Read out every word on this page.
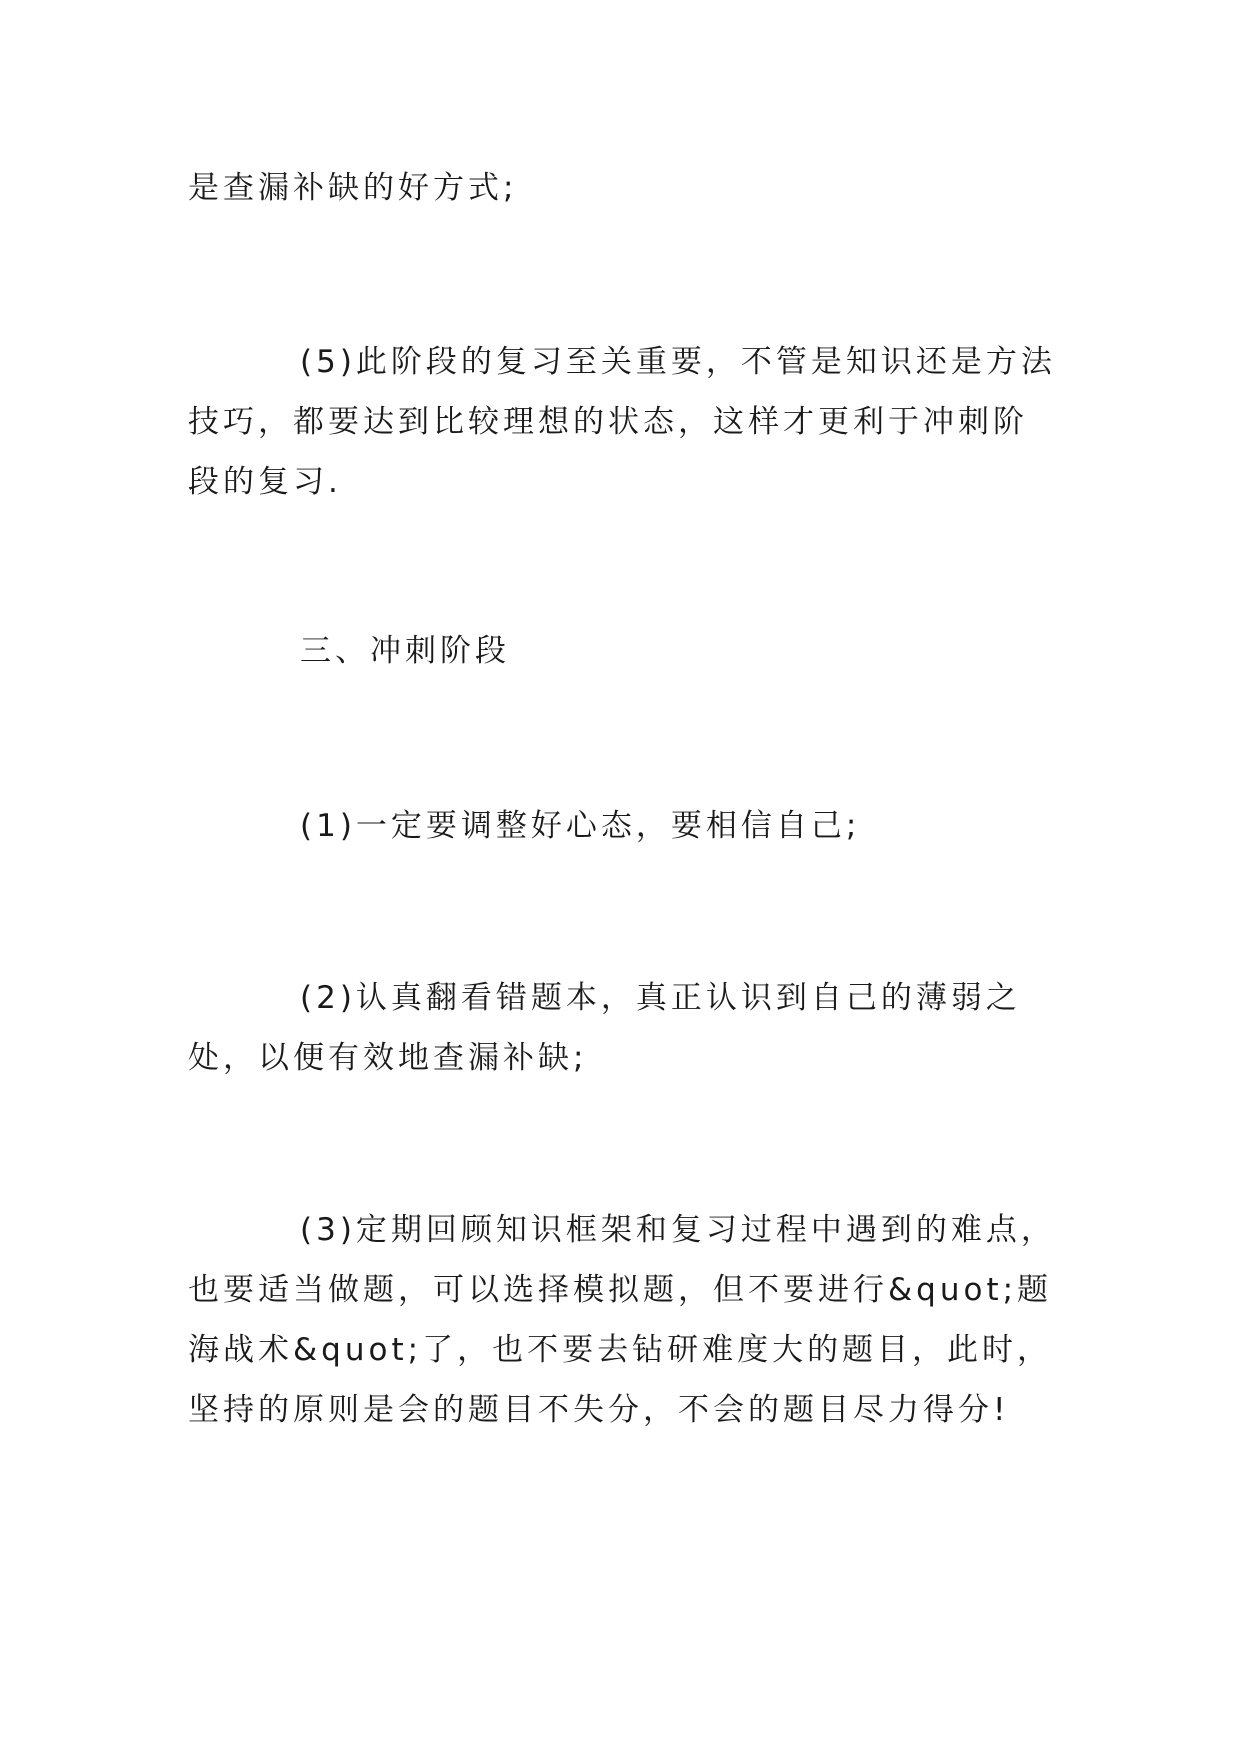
是查漏补缺的好方式;

(5)此阶段的复习至关重要，不管是知识还是方法技巧，都要达到比较理想的状态，这样才更利于冲刺阶段的复习.

三、冲刺阶段

(1)一定要调整好心态，要相信自己;

(2)认真翻看错题本，真正认识到自己的薄弱之处，以便有效地查漏补缺;

(3)定期回顾知识框架和复习过程中遇到的难点，也要适当做题，可以选择模拟题，但不要进行&quot;题海战术&quot;了，也不要去钻研难度大的题目，此时，坚持的原则是会的题目不失分，不会的题目尽力得分!
